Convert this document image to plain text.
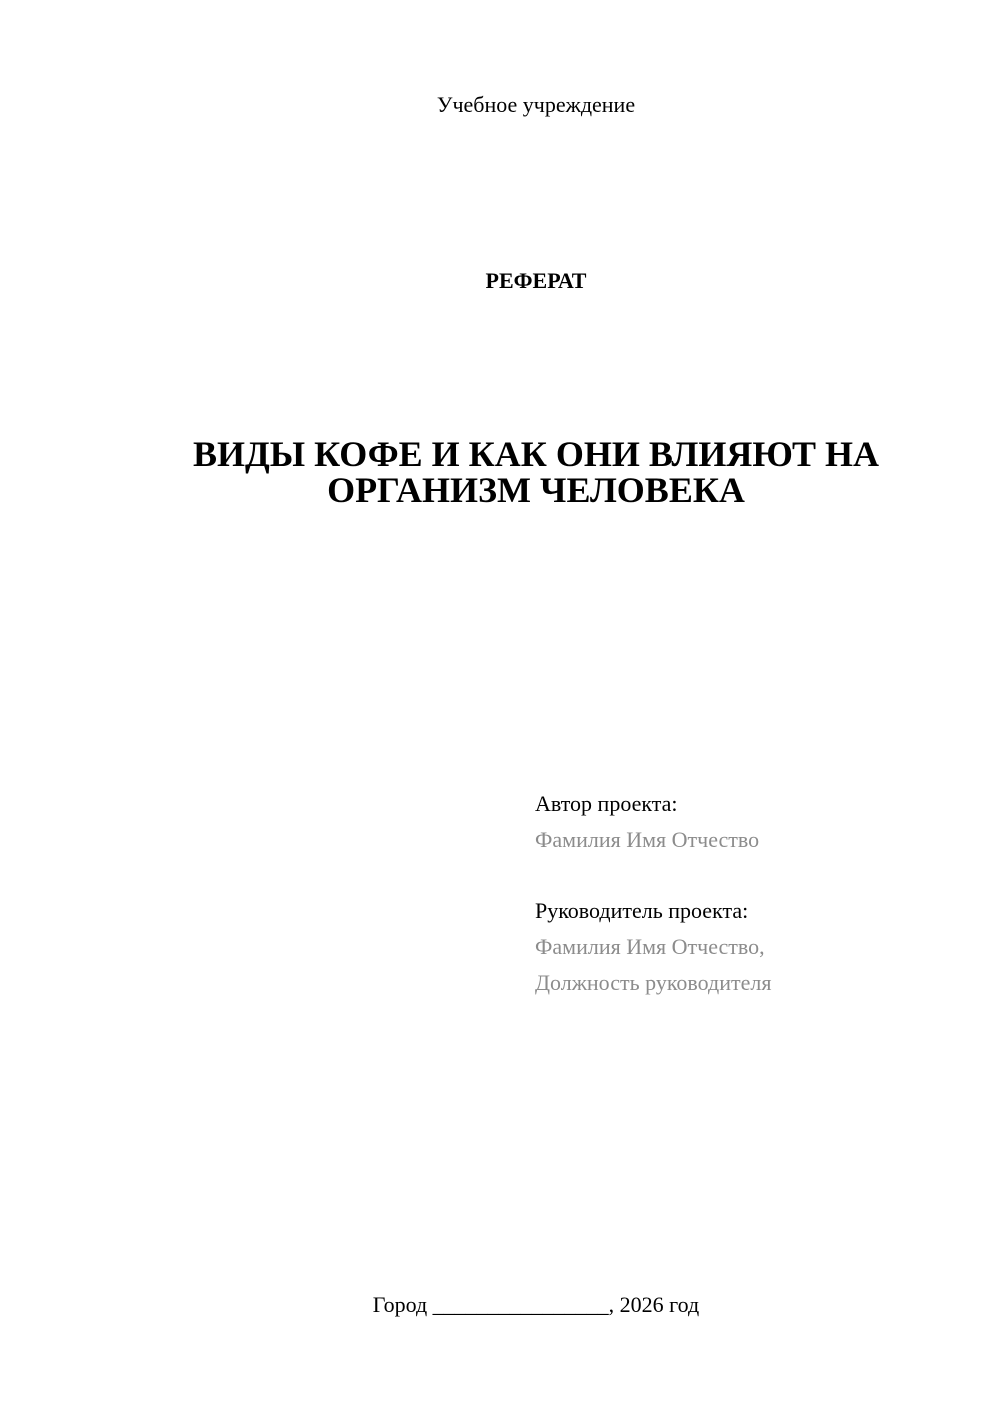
Учебное учреждение
РЕФЕРАТ
ВИДЫ КОФЕ И КАК ОНИ ВЛИЯЮТ НА
ОРГАНИЗМ ЧЕЛОВЕКА
Автор проекта:
Фамилия Имя Отчество
Руководитель проекта:
Фамилия Имя Отчество,
Должность руководителя
Город ________________, 2026 год
